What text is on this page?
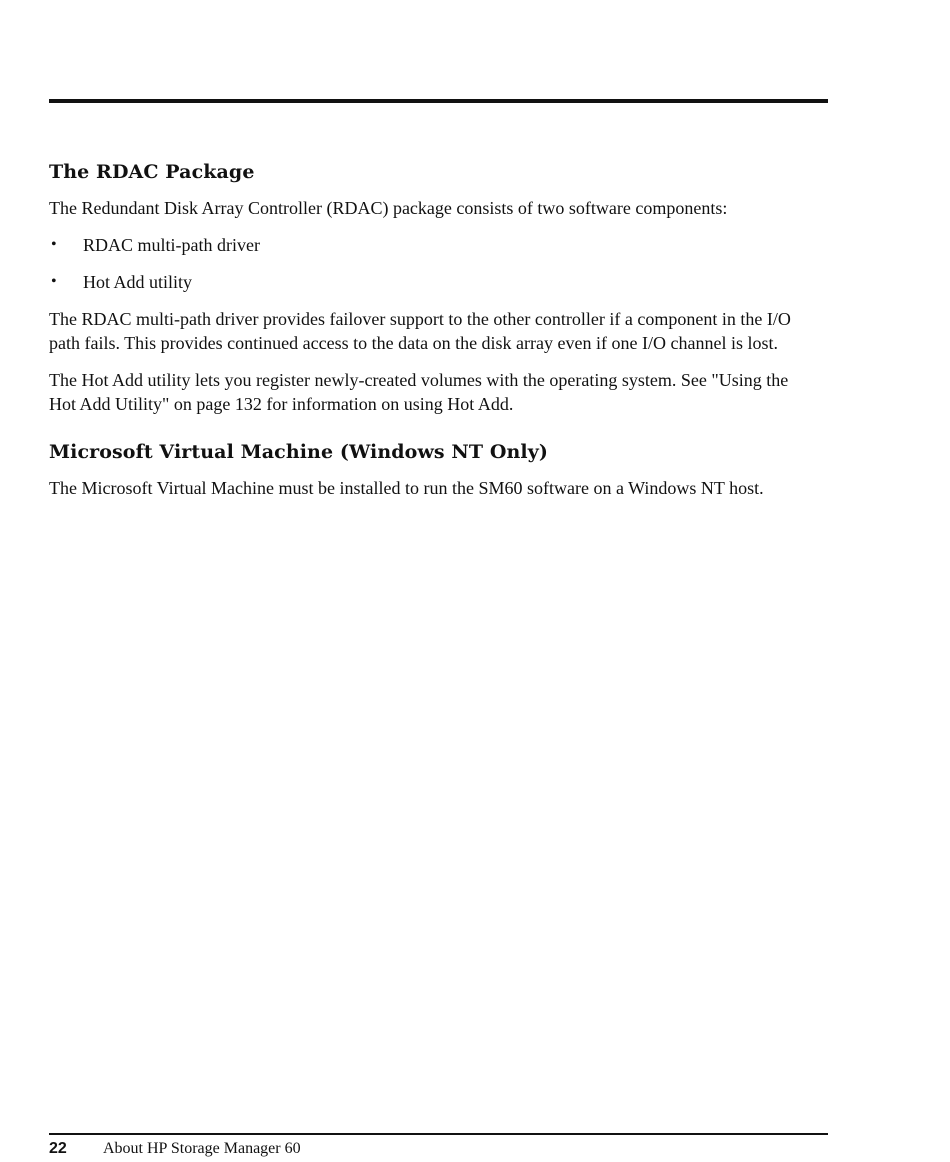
The RDAC Package

The Redundant Disk Array Controller (RDAC) package consists of two software components:

• RDAC multi-path driver
• Hot Add utility

The RDAC multi-path driver provides failover support to the other controller if a component in the I/O path fails. This provides continued access to the data on the disk array even if one I/O channel is lost.

The Hot Add utility lets you register newly-created volumes with the operating system. See "Using the Hot Add Utility" on page 132 for information on using Hot Add.

Microsoft Virtual Machine (Windows NT Only)

The Microsoft Virtual Machine must be installed to run the SM60 software on a Windows NT host.

22	About HP Storage Manager 60
